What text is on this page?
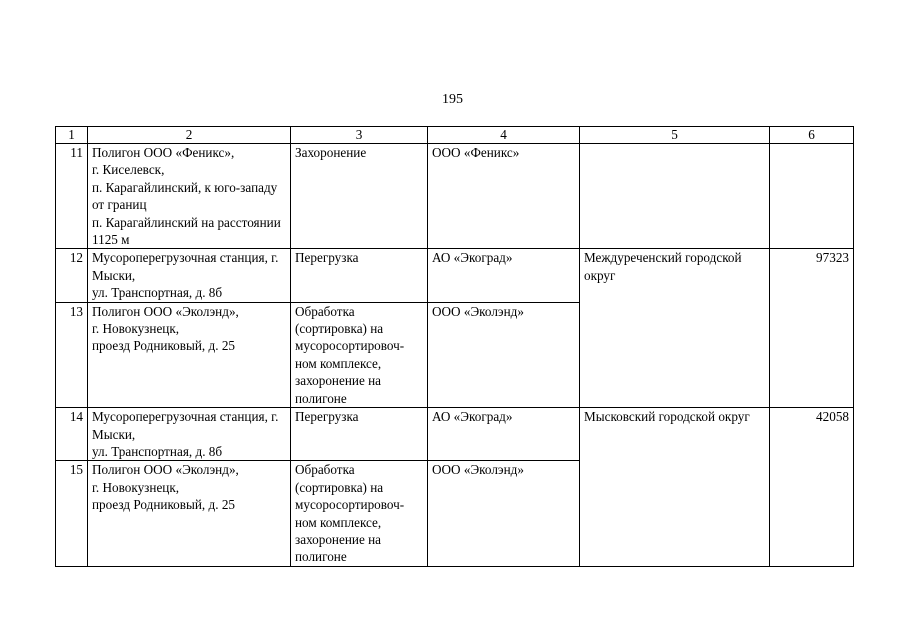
195
1	2	3	4	5	6
11	Полигон ООО «Феникс»,
г. Киселевск,
п. Карагайлинский, к юго-западу от границ
п. Карагайлинский на расстоянии 1125 м	Захоронение	ООО «Феникс»		
12	Мусороперегрузочная станция, г. Мыски,
ул. Транспортная, д. 8б	Перегрузка	АО «Экоград»	Междуреченский городской округ	97323
13	Полигон ООО «Эколэнд»,
г. Новокузнецк,
проезд Родниковый, д. 25	Обработка (сортировка) на мусоросортировоч-ном комплексе, захоронение на полигоне	ООО «Эколэнд»		
14	Мусороперегрузочная станция, г. Мыски,
ул. Транспортная, д. 8б	Перегрузка	АО «Экоград»	Мысковский городской округ	42058
15	Полигон ООО «Эколэнд»,
г. Новокузнецк,
проезд Родниковый, д. 25	Обработка (сортировка) на мусоросортировоч-ном комплексе, захоронение на полигоне	ООО «Эколэнд»		
